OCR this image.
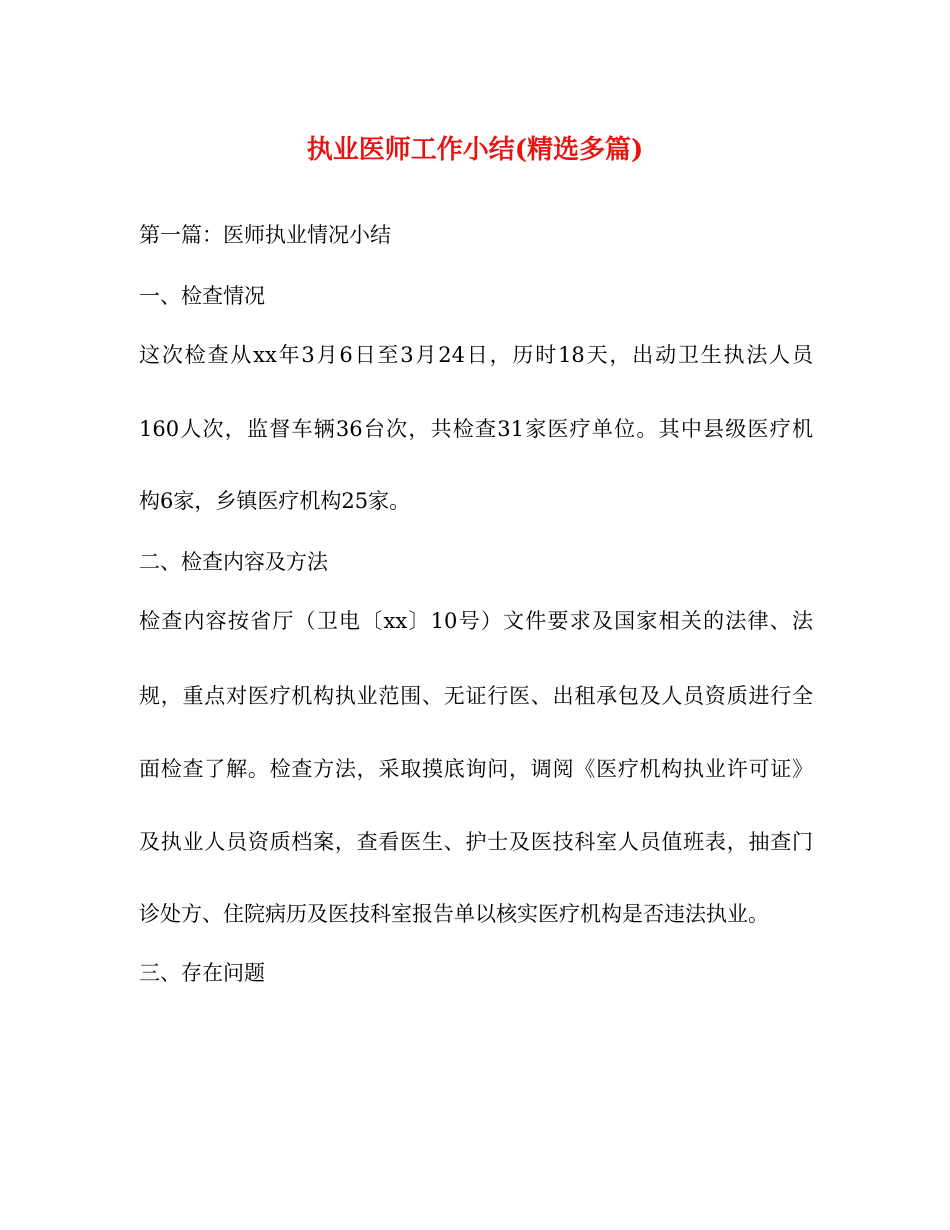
执业医师工作小结(精选多篇)
第一篇：医师执业情况小结
一、检查情况
这次检查从xx年3月6日至3月24日，历时18天，出动卫生执法人员
160人次，监督车辆36台次，共检查31家医疗单位。其中县级医疗机
构6家，乡镇医疗机构25家。
二、检查内容及方法
检查内容按省厅（卫电〔xx〕10号）文件要求及国家相关的法律、法
规，重点对医疗机构执业范围、无证行医、出租承包及人员资质进行全
面检查了解。检查方法，采取摸底询问，调阅《医疗机构执业许可证》
及执业人员资质档案，查看医生、护士及医技科室人员值班表，抽查门
诊处方、住院病历及医技科室报告单以核实医疗机构是否违法执业。
三、存在问题
